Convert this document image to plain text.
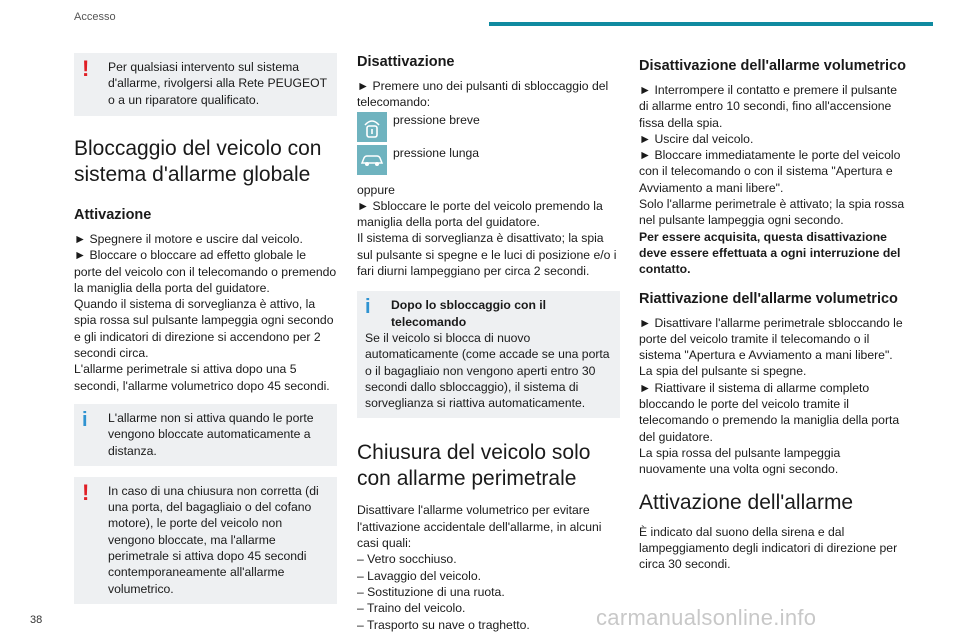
Accesso
!	Per qualsiasi intervento sul sistema d'allarme, rivolgersi alla Rete PEUGEOT o a un riparatore qualificato.

Bloccaggio del veicolo con sistema d'allarme globale
Attivazione

► Spegnere il motore e uscire dal veicolo.

► Bloccare o bloccare ad effetto globale le porte del veicolo con il telecomando o premendo la maniglia della porta del guidatore.

Quando il sistema di sorveglianza è attivo, la spia rossa sul pulsante lampeggia ogni secondo e gli indicatori di direzione si accendono per 2 secondi circa.

L'allarme perimetrale si attiva dopo una 5 secondi, l'allarme volumetrico dopo 45 secondi.

i	L'allarme non si attiva quando le porte vengono bloccate automaticamente a distanza.

!	In caso di una chiusura non corretta (di una porta, del bagagliaio o del cofano motore), le porte del veicolo non vengono bloccate, ma l'allarme perimetrale si attiva dopo 45 secondi contemporaneamente all'allarme volumetrico.

Disattivazione

► Premere uno dei pulsanti di sbloccaggio del telecomando:

pressione breve
pressione lunga

oppure

► Sbloccare le porte del veicolo premendo la maniglia della porta del guidatore.

Il sistema di sorveglianza è disattivato; la spia sul pulsante si spegne e le luci di posizione e/o i fari diurni lampeggiano per circa 2 secondi.

i	Dopo lo sbloccaggio con il telecomando

Se il veicolo si blocca di nuovo automaticamente (come accade se una porta o il bagagliaio non vengono aperti entro 30 secondi dallo sbloccaggio), il sistema di sorveglianza si riattiva automaticamente.

Chiusura del veicolo solo con allarme perimetrale

Disattivare l'allarme volumetrico per evitare l'attivazione accidentale dell'allarme, in alcuni casi quali:

– Vetro socchiuso.

– Lavaggio del veicolo.

– Sostituzione di una ruota.

– Traino del veicolo.

– Trasporto su nave o traghetto.

Disattivazione dell'allarme volumetrico

► Interrompere il contatto e premere il pulsante di allarme entro 10 secondi, fino all'accensione fissa della spia.

► Uscire dal veicolo.

► Bloccare immediatamente le porte del veicolo con il telecomando o con il sistema "Apertura e Avviamento a mani libere".

Solo l'allarme perimetrale è attivato; la spia rossa nel pulsante lampeggia ogni secondo.

Per essere acquisita, questa disattivazione deve essere effettuata a ogni interruzione del contatto.

Riattivazione dell'allarme volumetrico

► Disattivare l'allarme perimetrale sbloccando le porte del veicolo tramite il telecomando o il sistema "Apertura e Avviamento a mani libere".

La spia del pulsante si spegne.

► Riattivare il sistema di allarme completo bloccando le porte del veicolo tramite il telecomando o premendo la maniglia della porta del guidatore.

La spia rossa del pulsante lampeggia nuovamente una volta ogni secondo.

Attivazione dell'allarme

È indicato dal suono della sirena e dal lampeggiamento degli indicatori di direzione per circa 30 secondi.

38	carmanualsonline.info
